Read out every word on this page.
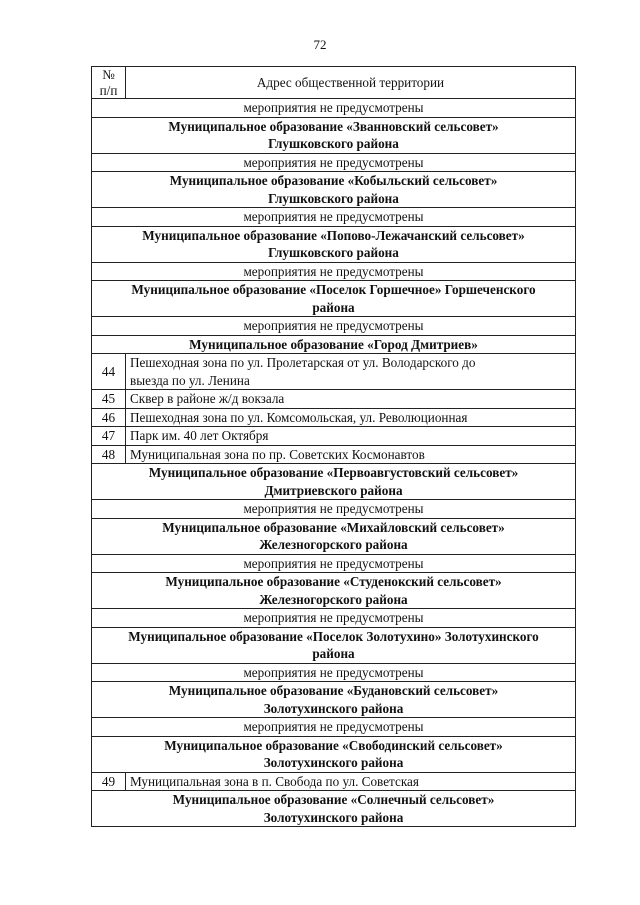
72
№
п/п	Адрес общественной территории
мероприятия не предусмотрены	

Муниципальное образование «Званновский сельсовет»
Глушковского района	

мероприятия не предусмотрены	

Муниципальное образование «Кобыльский сельсовет»
Глушковского района	

мероприятия не предусмотрены	

Муниципальное образование «Попово-Лежачанский сельсовет»
Глушковского района	

мероприятия не предусмотрены	

Муниципальное образование «Поселок Горшечное» Горшеченского
района	

мероприятия не предусмотрены	

Муниципальное образование «Город Дмитриев»	

44	Пешеходная зона по ул. Пролетарская от ул. Володарского до
выезда по ул. Ленина

45	Сквер в районе ж/д вокзала

46	Пешеходная зона по ул. Комсомольская, ул. Революционная

47	Парк им. 40 лет Октября

48	Муниципальная зона по пр. Советских Космонавтов

Муниципальное образование «Первоавгустовский сельсовет»
Дмитриевского района	

мероприятия не предусмотрены	

Муниципальное образование «Михайловский сельсовет»
Железногорского района	

мероприятия не предусмотрены	

Муниципальное образование «Студенокский сельсовет»
Железногорского района	

мероприятия не предусмотрены	

Муниципальное образование «Поселок Золотухино» Золотухинского
района	

мероприятия не предусмотрены	

Муниципальное образование «Будановский сельсовет»
Золотухинского района	

мероприятия не предусмотрены	

Муниципальное образование «Свободинский сельсовет»
Золотухинского района	

49	Муниципальная зона в п. Свобода по ул. Советская

Муниципальное образование «Солнечный сельсовет»
Золотухинского района	
